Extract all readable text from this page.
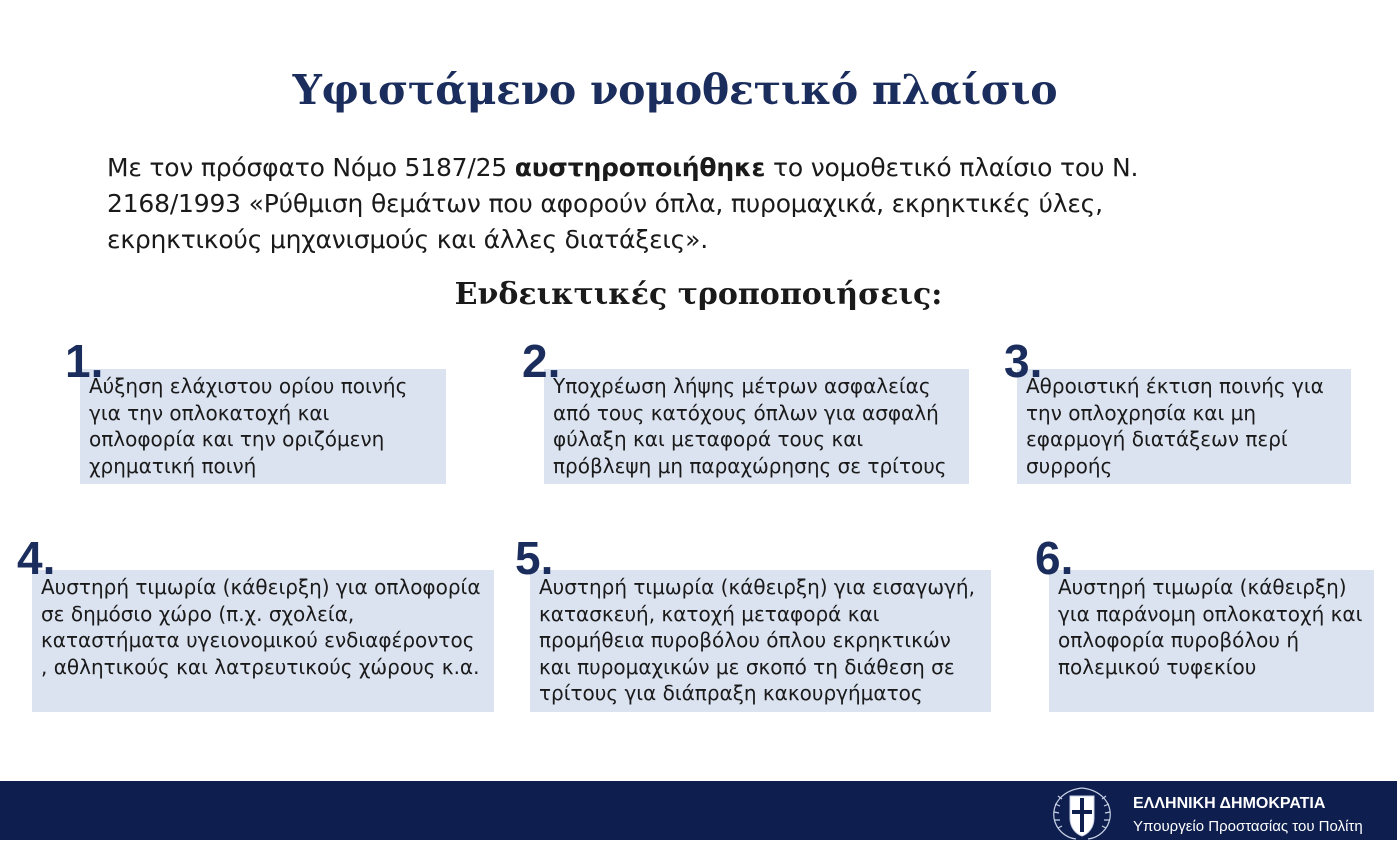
Υφιστάμενο νομοθετικό πλαίσιο
Με τον πρόσφατο Νόμο 5187/25 αυστηροποιήθηκε το νομοθετικό πλαίσιο του Ν. 2168/1993 «Ρύθμιση θεμάτων που αφορούν όπλα, πυρομαχικά, εκρηκτικές ύλες, εκρηκτικούς μηχανισμούς και άλλες διατάξεις».
Ενδεικτικές τροποποιήσεις:
Αύξηση ελάχιστου ορίου ποινής για την οπλοκατοχή και οπλοφορία και την οριζόμενη χρηματική ποινή
1.	Υποχρέωση λήψης μέτρων ασφαλείας από τους κατόχους όπλων για ασφαλή φύλαξη και μεταφορά τους και πρόβλεψη μη παραχώρησης σε τρίτους
2.	Αθροιστική έκτιση ποινής για την οπλοχρησία και μη εφαρμογή διατάξεων περί συρροής
3.
Αυστηρή τιμωρία (κάθειρξη) για οπλοφορία σε δημόσιο χώρο (π.χ. σχολεία, καταστήματα υγειονομικού ενδιαφέροντος , αθλητικούς και λατρευτικούς χώρους κ.α.
4.
Αυστηρή τιμωρία (κάθειρξη) για εισαγωγή, κατασκευή, κατοχή μεταφορά και προμήθεια πυροβόλου όπλου εκρηκτικών και πυρομαχικών με σκοπό τη διάθεση σε τρίτους για διάπραξη κακουργήματος
5.
Αυστηρή τιμωρία (κάθειρξη) για παράνομη οπλοκατοχή και οπλοφορία πυροβόλου ή πολεμικού τυφεκίου
6.
ΕΛΛΗΝΙΚΗ ΔΗΜΟΚΡΑΤΙΑ
Υπουργείο Προστασίας του Πολίτη
